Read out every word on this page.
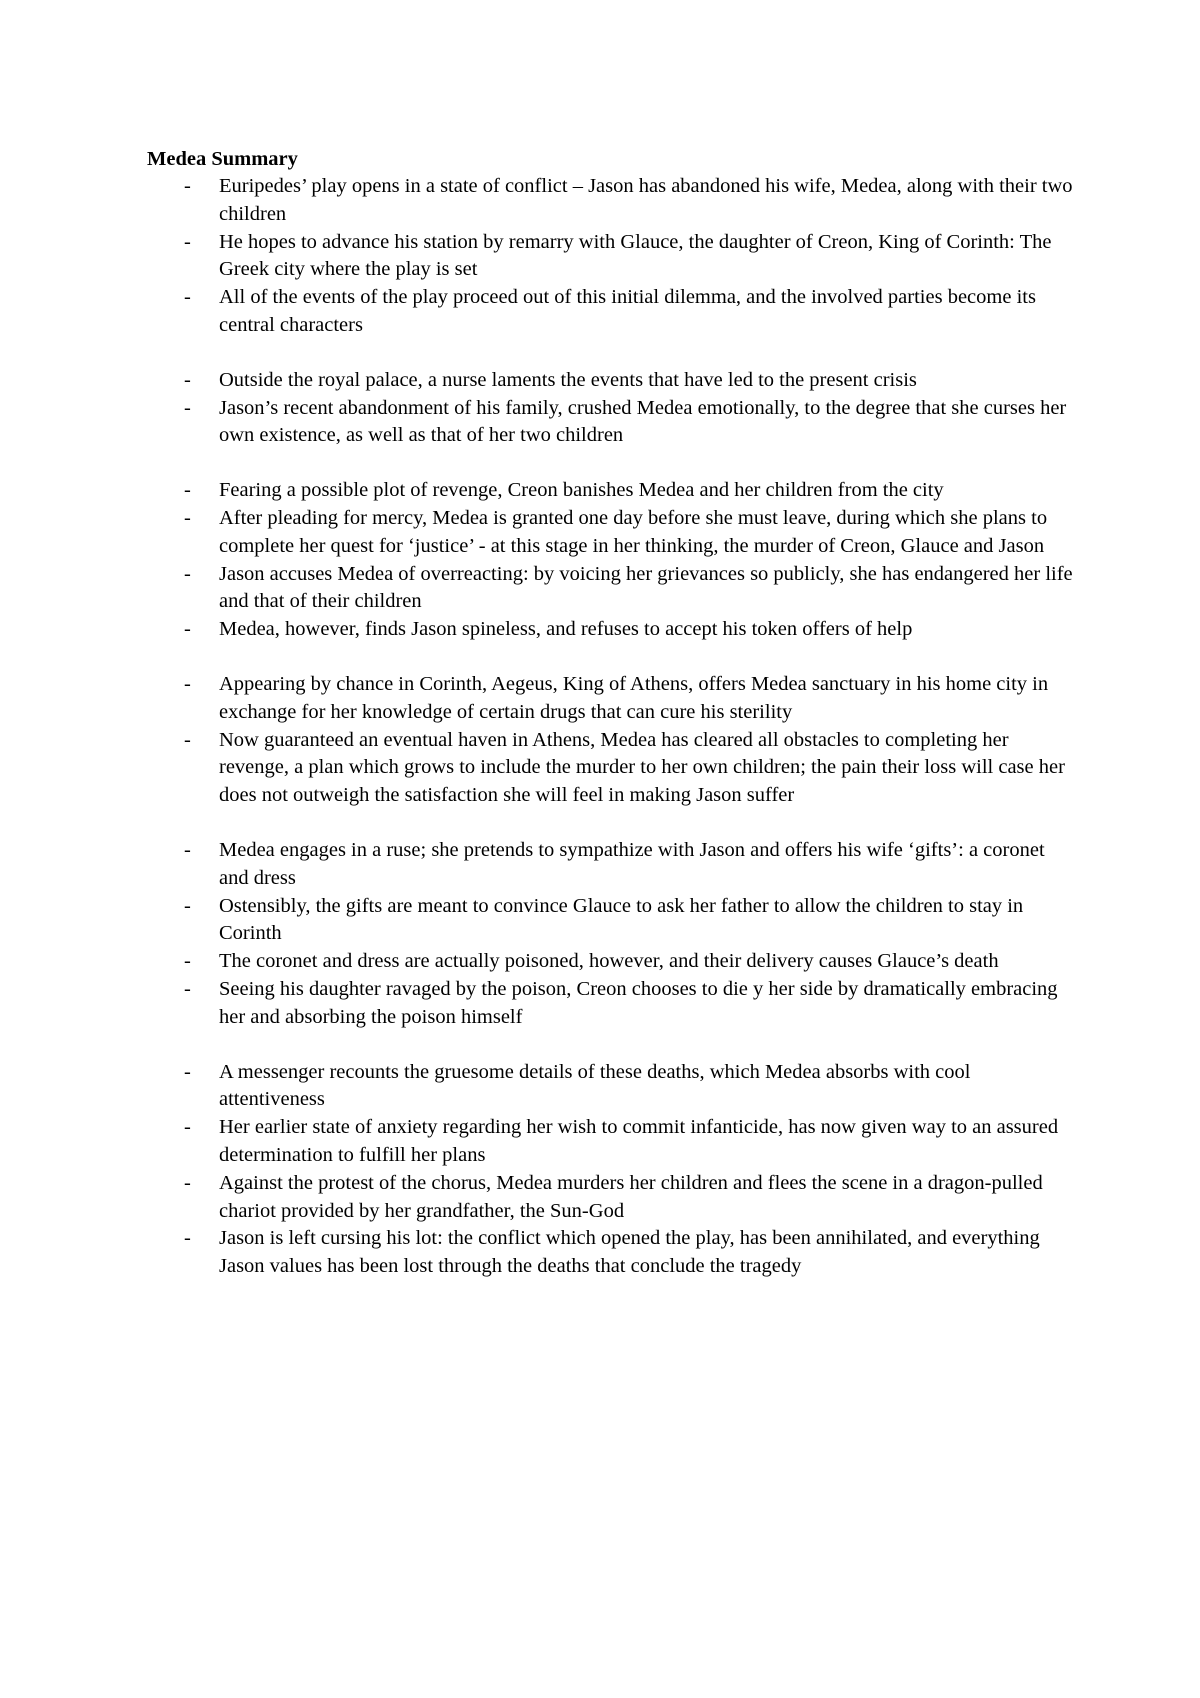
Medea Summary
-	Euripedes’ play opens in a state of conflict – Jason has abandoned his wife, Medea, along with their two children
-	He hopes to advance his station by remarry with Glauce, the daughter of Creon, King of Corinth: The Greek city where the play is set
-	All of the events of the play proceed out of this initial dilemma, and the involved parties become its central characters
-	Outside the royal palace, a nurse laments the events that have led to the present crisis
-	Jason’s recent abandonment of his family, crushed Medea emotionally, to the degree that she curses her own existence, as well as that of her two children
-	Fearing a possible plot of revenge, Creon banishes Medea and her children from the city
-	After pleading for mercy, Medea is granted one day before she must leave, during which she plans to complete her quest for ‘justice’ - at this stage in her thinking, the murder of Creon, Glauce and Jason
-	Jason accuses Medea of overreacting: by voicing her grievances so publicly, she has endangered her life and that of their children
-	Medea, however, finds Jason spineless, and refuses to accept his token offers of help
-	Appearing by chance in Corinth, Aegeus, King of Athens, offers Medea sanctuary in his home city in exchange for her knowledge of certain drugs that can cure his sterility
-	Now guaranteed an eventual haven in Athens, Medea has cleared all obstacles to completing her revenge, a plan which grows to include the murder to her own children; the pain their loss will case her does not outweigh the satisfaction she will feel in making Jason suffer
-	Medea engages in a ruse; she pretends to sympathize with Jason and offers his wife ‘gifts’: a coronet and dress
-	Ostensibly, the gifts are meant to convince Glauce to ask her father to allow the children to stay in Corinth
-	The coronet and dress are actually poisoned, however, and their delivery causes Glauce’s death
-	Seeing his daughter ravaged by the poison, Creon chooses to die y her side by dramatically embracing her and absorbing the poison himself
-	A messenger recounts the gruesome details of these deaths, which Medea absorbs with cool attentiveness
-	Her earlier state of anxiety regarding her wish to commit infanticide, has now given way to an assured determination to fulfill her plans
-	Against the protest of the chorus, Medea murders her children and flees the scene in a dragon-pulled chariot provided by her grandfather, the Sun-God
-	Jason is left cursing his lot: the conflict which opened the play, has been annihilated, and everything Jason values has been lost through the deaths that conclude the tragedy
